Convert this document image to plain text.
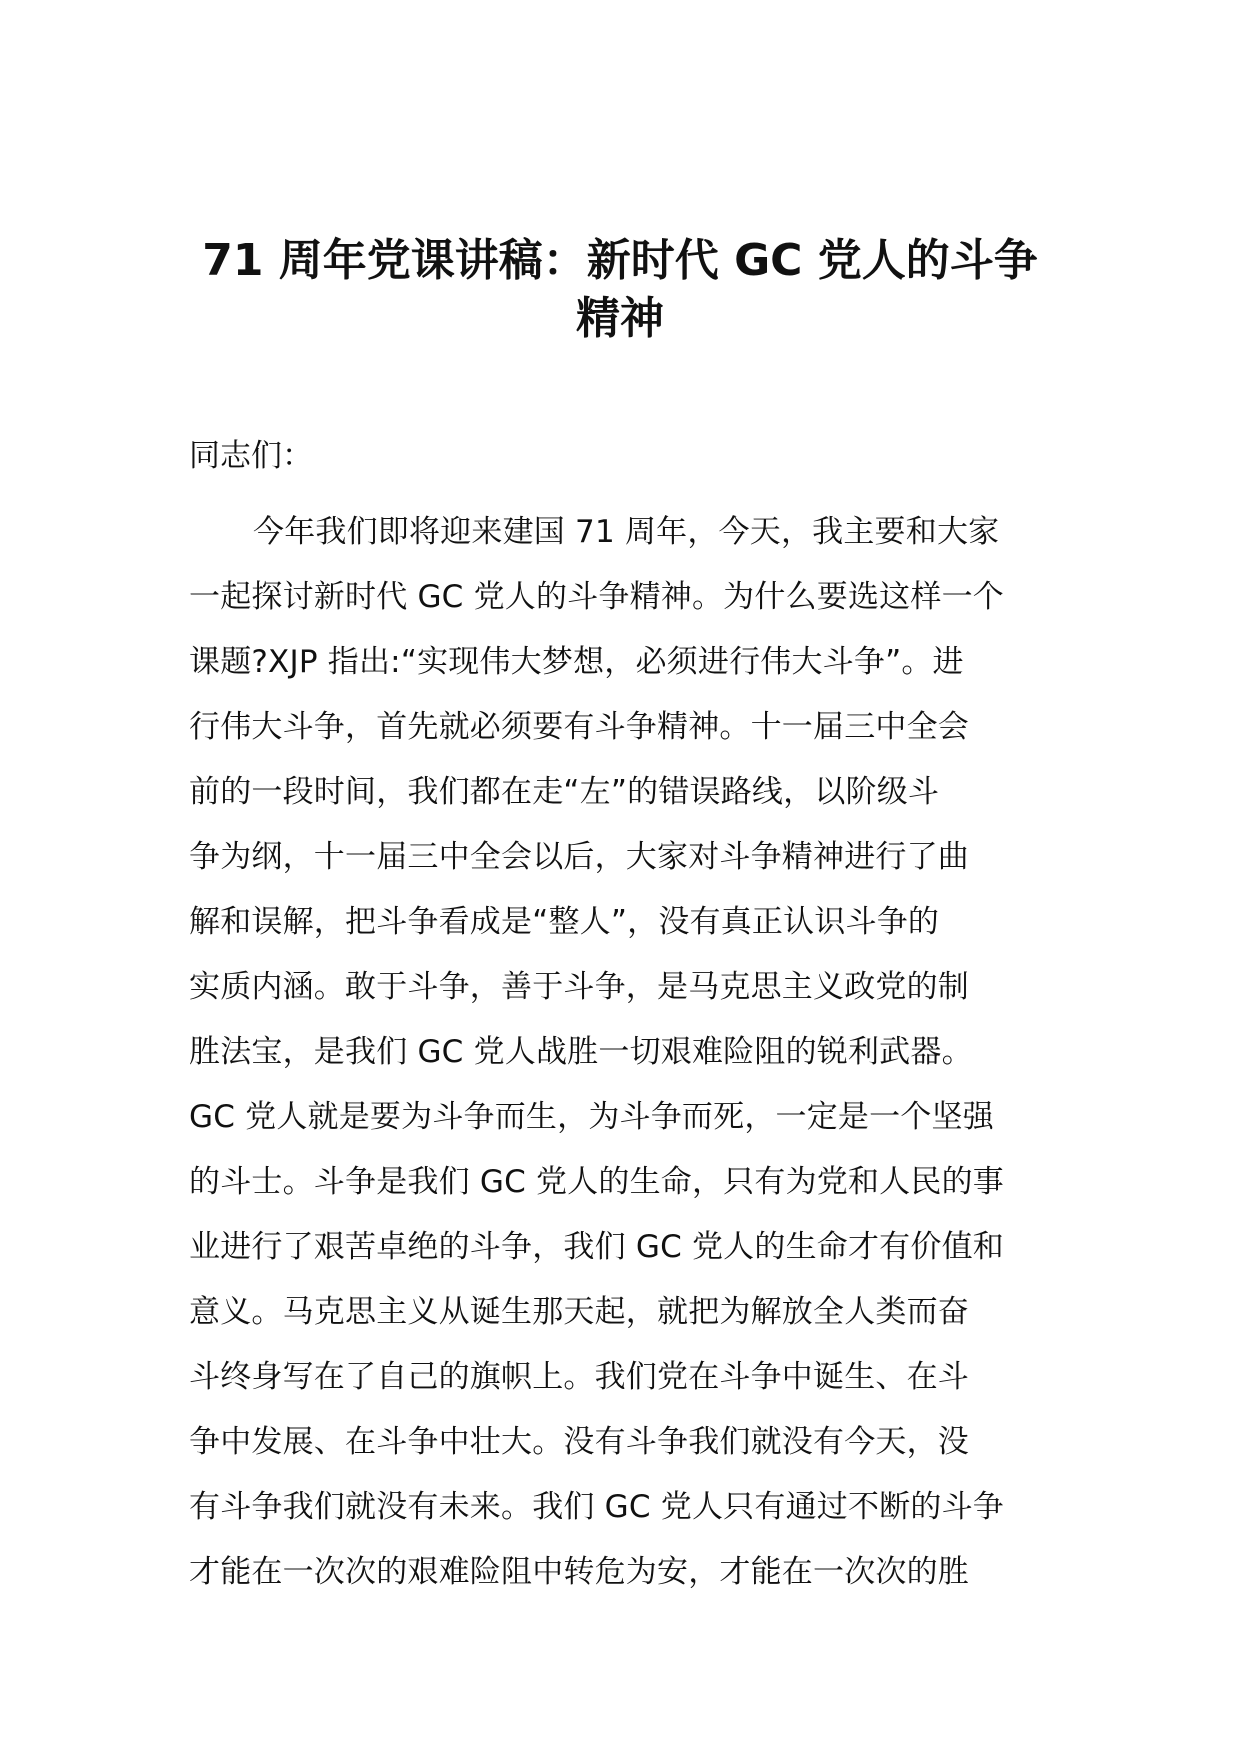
71 周年党课讲稿：新时代 GC 党人的斗争
精神

同志们：

今年我们即将迎来建国 71 周年，今天，我主要和大家
一起探讨新时代 GC 党人的斗争精神。为什么要选这样一个
课题?XJP 指出:“实现伟大梦想，必须进行伟大斗争”。进
行伟大斗争，首先就必须要有斗争精神。十一届三中全会
前的一段时间，我们都在走“左”的错误路线，以阶级斗
争为纲，十一届三中全会以后，大家对斗争精神进行了曲
解和误解，把斗争看成是“整人”，没有真正认识斗争的
实质内涵。敢于斗争，善于斗争，是马克思主义政党的制
胜法宝，是我们 GC 党人战胜一切艰难险阻的锐利武器。
GC 党人就是要为斗争而生，为斗争而死，一定是一个坚强
的斗士。斗争是我们 GC 党人的生命，只有为党和人民的事
业进行了艰苦卓绝的斗争，我们 GC 党人的生命才有价值和
意义。马克思主义从诞生那天起，就把为解放全人类而奋
斗终身写在了自己的旗帜上。我们党在斗争中诞生、在斗
争中发展、在斗争中壮大。没有斗争我们就没有今天，没
有斗争我们就没有未来。我们 GC 党人只有通过不断的斗争
才能在一次次的艰难险阻中转危为安，才能在一次次的胜
